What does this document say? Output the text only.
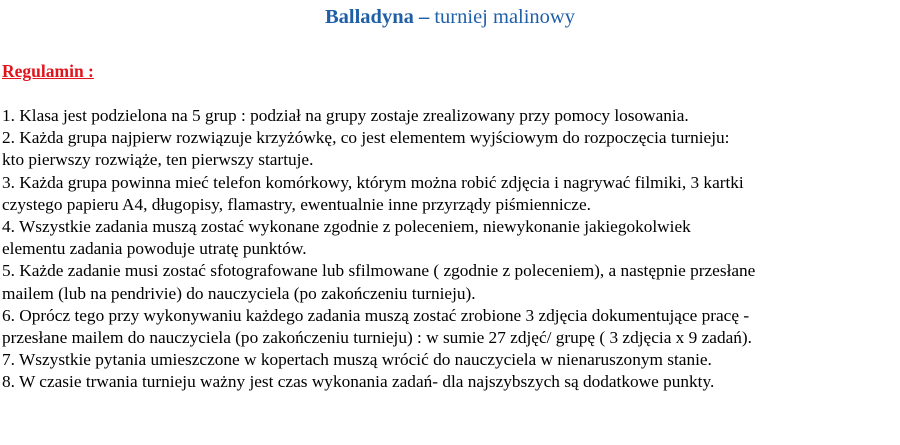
Balladyna – turniej malinowy
Regulamin :
1. Klasa jest podzielona na 5 grup : podział na grupy zostaje zrealizowany przy pomocy losowania.
2. Każda grupa najpierw rozwiązuje krzyżówkę, co jest elementem wyjściowym do rozpoczęcia turnieju:
kto pierwszy rozwiąże, ten pierwszy startuje.
3. Każda grupa powinna mieć telefon komórkowy, którym można robić zdjęcia i nagrywać filmiki, 3 kartki
czystego papieru A4, długopisy, flamastry, ewentualnie inne przyrządy piśmiennicze.
4. Wszystkie zadania muszą zostać wykonane zgodnie z poleceniem, niewykonanie jakiegokolwiek
elementu zadania powoduje utratę punktów.
5. Każde zadanie musi zostać sfotografowane lub sfilmowane ( zgodnie z poleceniem), a następnie przesłane
mailem (lub na pendrivie) do nauczyciela (po zakończeniu turnieju).
6. Oprócz tego przy wykonywaniu każdego zadania muszą zostać zrobione 3 zdjęcia dokumentujące pracę -
przesłane mailem do nauczyciela (po zakończeniu turnieju) : w sumie 27 zdjęć/ grupę ( 3 zdjęcia x 9 zadań).
7. Wszystkie pytania umieszczone w kopertach muszą wrócić do nauczyciela w nienaruszonym stanie.
8. W czasie trwania turnieju ważny jest czas wykonania zadań- dla najszybszych są dodatkowe punkty.
